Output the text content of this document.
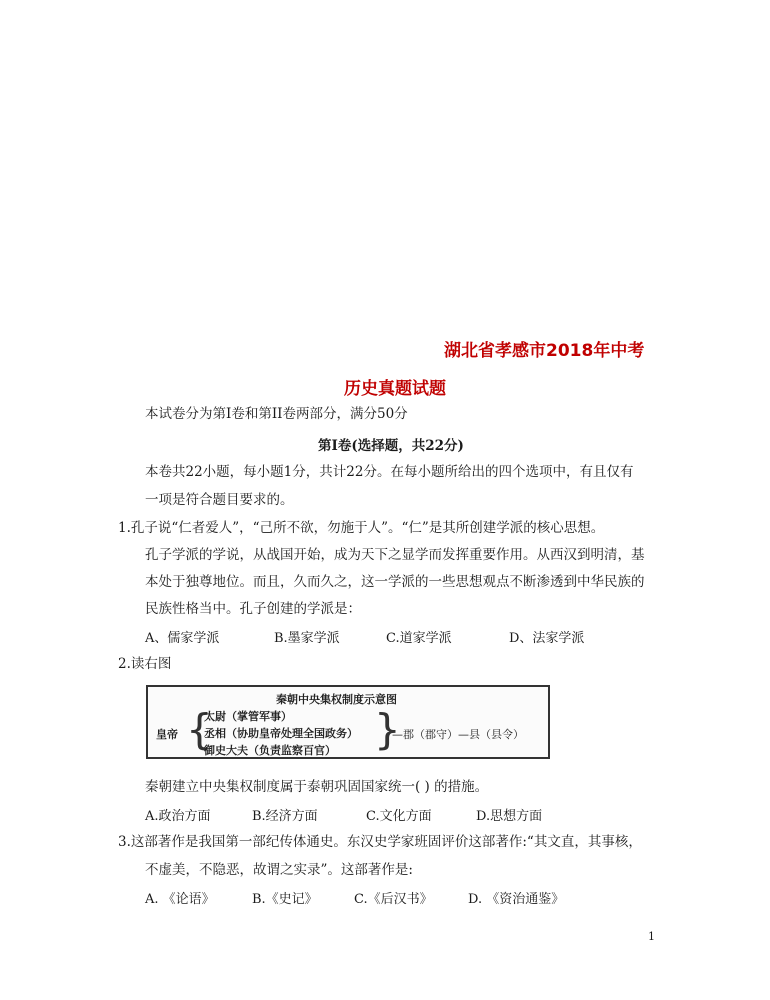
湖北省孝感市2018年中考
历史真题试题
本试卷分为第Ⅰ卷和第II卷两部分，满分50分
第Ⅰ卷(选择题，共22分)
本卷共22小题，每小题1分，共计22分。在每小题所给出的四个选项中，有且仅有
一项是符合题目要求的。
1.孔子说“仁者爱人”，“己所不欲，勿施于人”。“仁”是其所创建学派的核心思想。
孔子学派的学说，从战国开始，成为天下之显学而发挥重要作用。从西汉到明清，基
本处于独尊地位。而且，久而久之，这一学派的一些思想观点不断渗透到中华民族的
民族性格当中。孔子创建的学派是：
A、儒家学派	B.墨家学派	C.道家学派	D、法家学派
2.读右图
秦朝中央集权制度示意图
皇帝 {
太尉（掌管军事）
丞相（协助皇帝处理全国政务）
御史大夫（负责监察百官） }
—郡（郡守）—县（县令）
秦朝建立中央集权制度属于泰朝巩固国家统一( ) 的措施。
A.政治方面	B.经济方面	C.文化方面	D.思想方面
3.这部著作是我国第一部纪传体通史。东汉史学家班固评价这部著作:“其文直，其事核，
不虚美，不隐恶，故谓之实录”。这部著作是:
A. 《论语》	B.《史记》	C.《后汉书》	D. 《资治通鉴》
1
